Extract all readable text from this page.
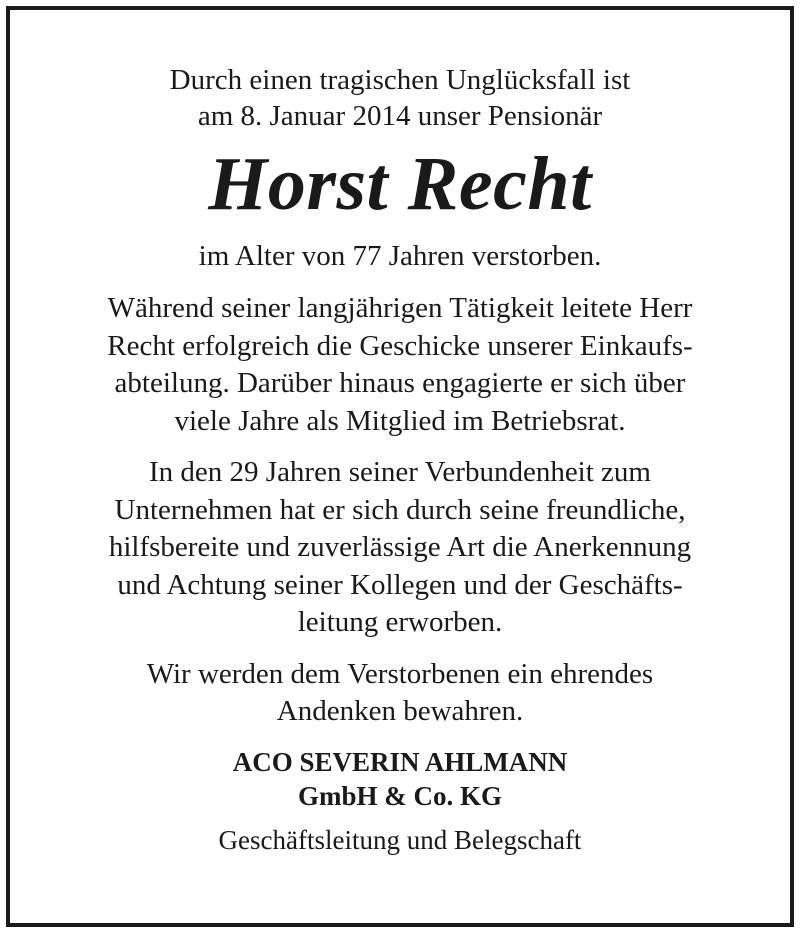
Durch einen tragischen Unglücksfall ist
am 8. Januar 2014 unser Pensionär

Horst Recht

im Alter von 77 Jahren verstorben.

Während seiner langjährigen Tätigkeit leitete Herr
Recht erfolgreich die Geschicke unserer Einkaufs-
abteilung. Darüber hinaus engagierte er sich über
viele Jahre als Mitglied im Betriebsrat.

In den 29 Jahren seiner Verbundenheit zum
Unternehmen hat er sich durch seine freundliche,
hilfsbereite und zuverlässige Art die Anerkennung
und Achtung seiner Kollegen und der Geschäfts-
leitung erworben.

Wir werden dem Verstorbenen ein ehrendes
Andenken bewahren.

ACO SEVERIN AHLMANN
GmbH & Co. KG

Geschäftsleitung und Belegschaft
